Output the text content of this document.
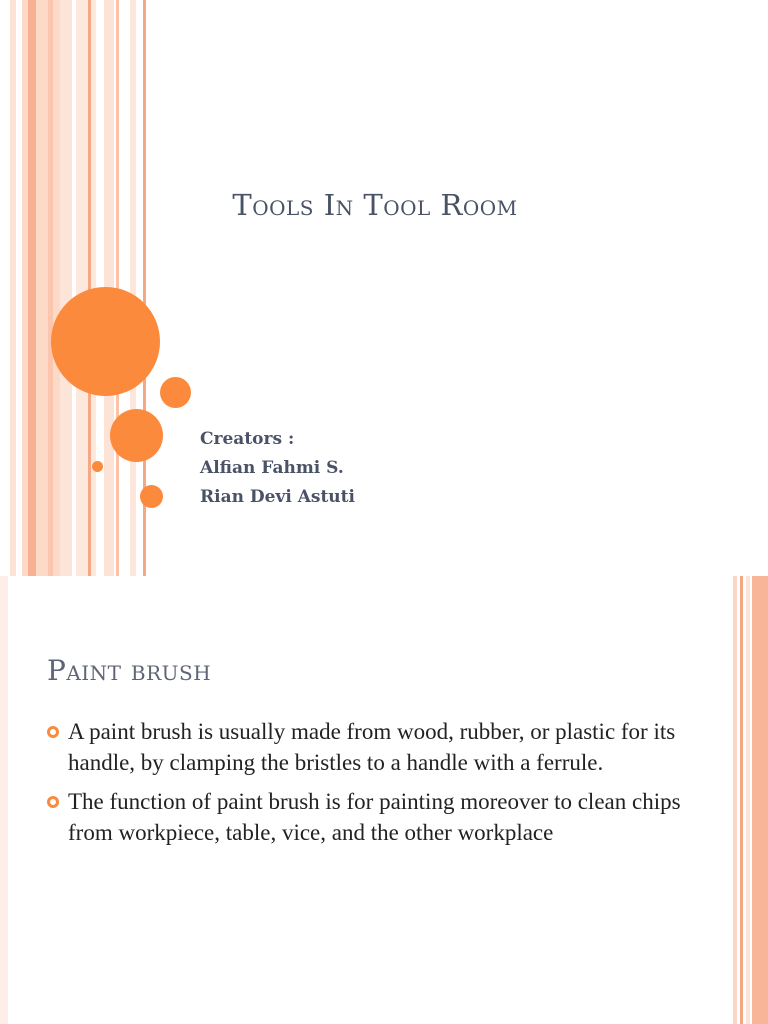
Tools In Tool Room
Creators :
Alfian Fahmi S.
Rian Devi Astuti
Paint brush
A paint brush is usually made from wood, rubber, or plastic for its handle, by clamping the bristles to a handle with a ferrule.
The function of paint brush is for painting moreover to clean chips from workpiece, table, vice, and the other workplace
